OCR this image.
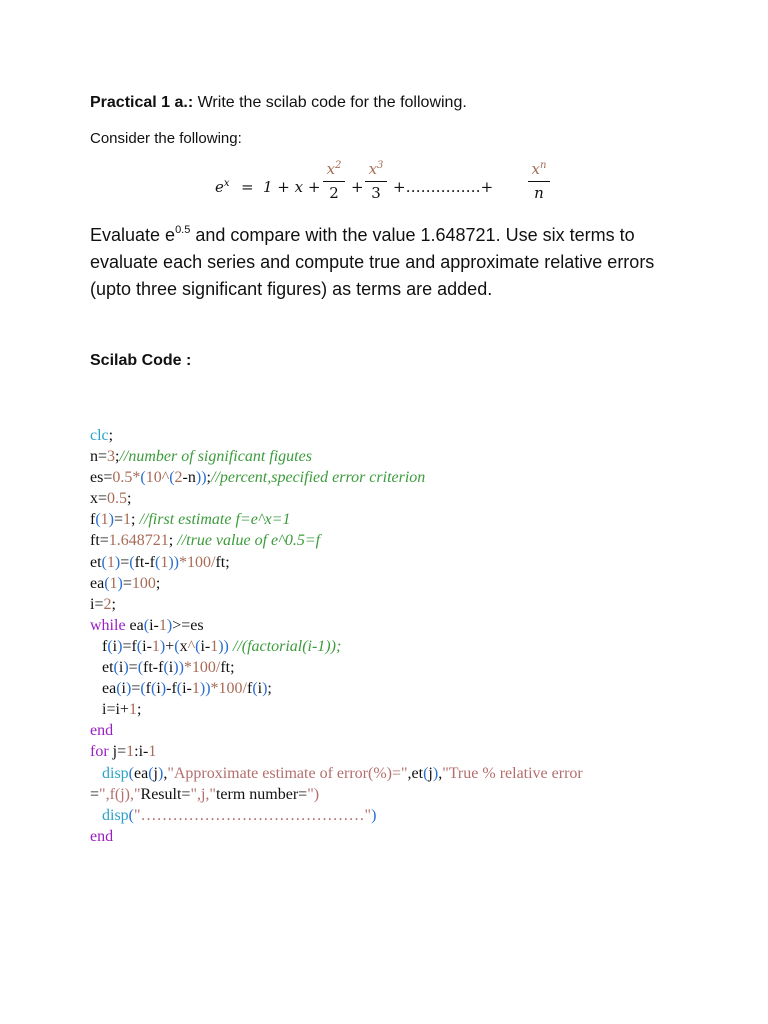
Practical 1 a.: Write the scilab code for the following.
Consider the following:
$e^x = 1 + x$ +
$x^2$
2 +
$x^3$
3 +……………+
$x^n$
n
Evaluate $e^{0.5}$ and compare with the value 1.648721. Use six terms to evaluate each series and compute true and approximate relative errors (upto three significant figures) as terms are added.
Scilab Code :
clc;
n=3;//number of significant figutes
es=0.5*(10^(2-n));//percent,specified error criterion
x=0.5;
f(1)=1; //first estimate f=e^x=1
ft=1.648721; //true value of e^0.5=f
et(1)=(ft-f(1))*100/ft;
ea(1)=100;
i=2;
while ea(i-1)>=es
f(i)=f(i-1)+(x^(i-1)) //(factorial(i-1));
et(i)=(ft-f(i))*100/ft;
ea(i)=(f(i)-f(i-1))*100/f(i);
i=i+1;
end
for j=1:i-1
disp(ea(j),"Approximate estimate of error(%)=",et(j),"True % relative error
=",f(j),"Result=",j,"term number=")
disp("……………………………………")
end
